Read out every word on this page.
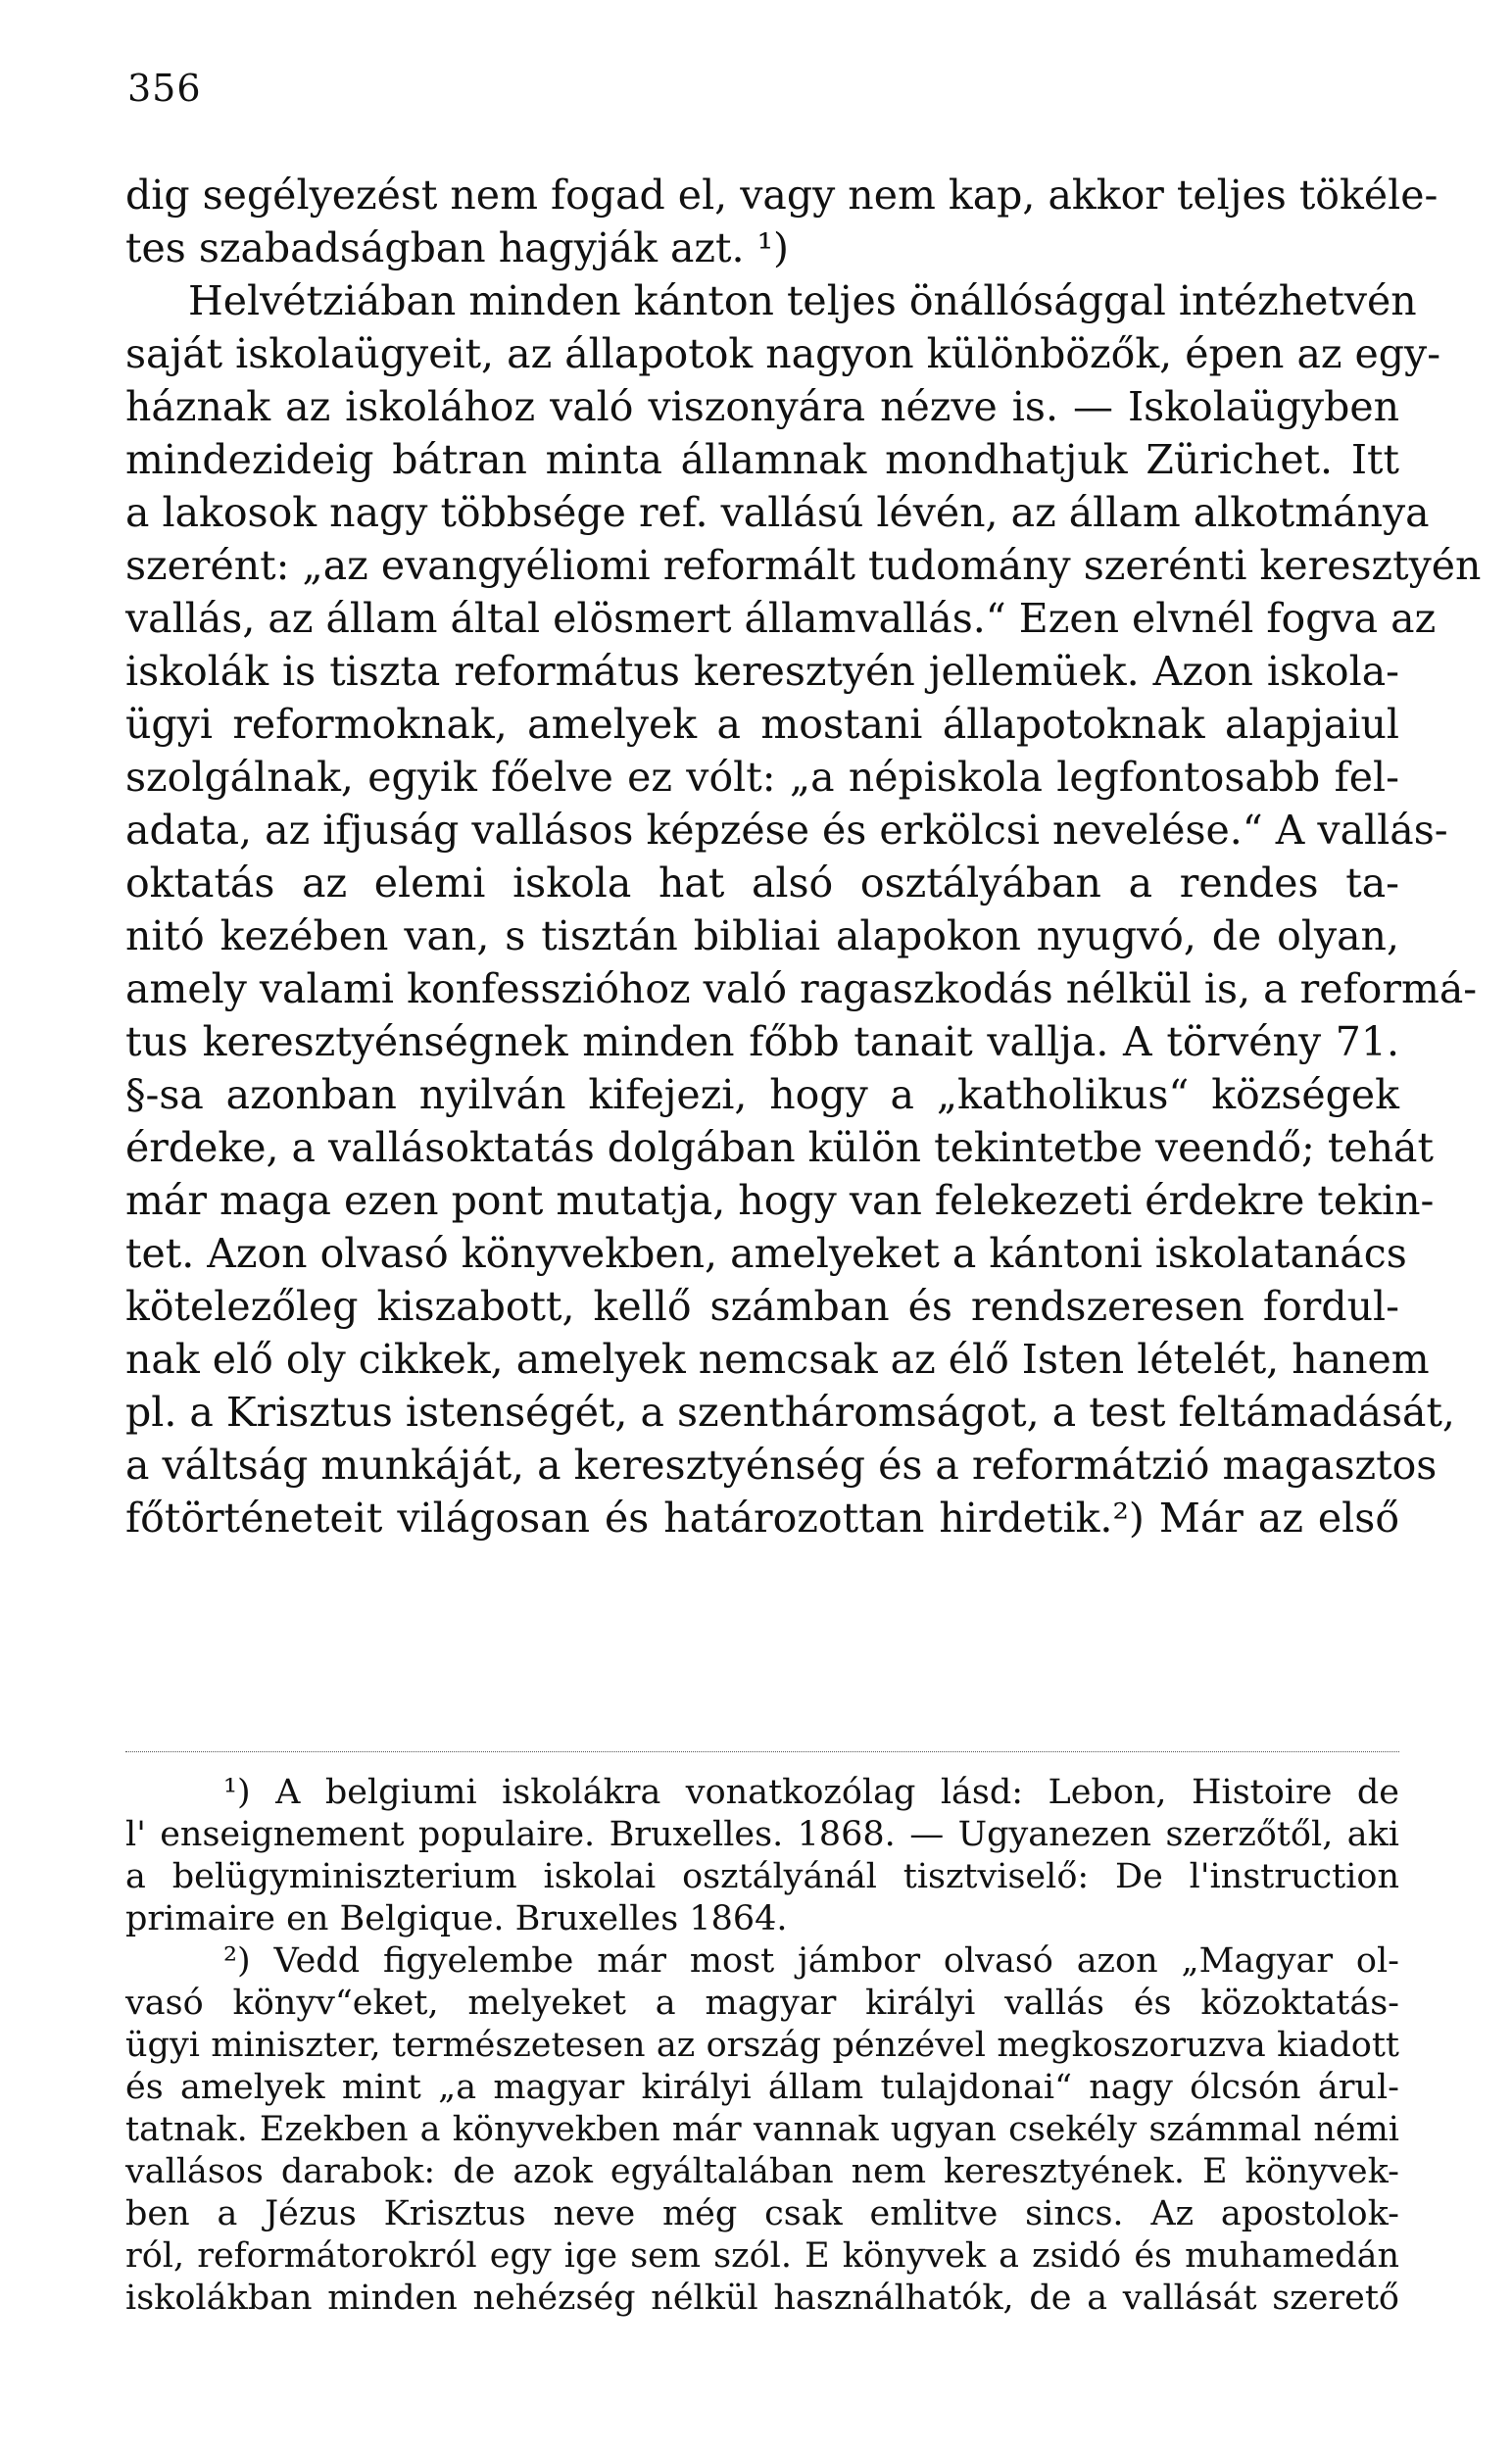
356
dig segélyezést nem fogad el, vagy nem kap, akkor teljes tökéle-
tes szabadságban hagyják azt. ¹)
Helvétziában minden kánton teljes önállósággal intézhetvén
saját iskolaügyeit, az állapotok nagyon különbözők, épen az egy-
háznak az iskolához való viszonyára nézve is. — Iskolaügyben
mindezideig bátran minta államnak mondhatjuk Zürichet. Itt
a lakosok nagy többsége ref. vallású lévén, az állam alkotmánya
szerént: „az evangyéliomi reformált tudomány szerénti keresztyén
vallás, az állam által elösmert államvallás.“ Ezen elvnél fogva az
iskolák is tiszta református keresztyén jellemüek. Azon iskola-
ügyi reformoknak, amelyek a mostani állapotoknak alapjaiul
szolgálnak, egyik főelve ez vólt: „a népiskola legfontosabb fel-
adata, az ifjuság vallásos képzése és erkölcsi nevelése.“ A vallás-
oktatás az elemi iskola hat alsó osztályában a rendes ta-
nitó kezében van, s tisztán bibliai alapokon nyugvó, de olyan,
amely valami konfesszióhoz való ragaszkodás nélkül is, a reformá-
tus keresztyénségnek minden főbb tanait vallja. A törvény 71.
§-sa azonban nyilván kifejezi, hogy a „katholikus“ községek
érdeke, a vallásoktatás dolgában külön tekintetbe veendő; tehát
már maga ezen pont mutatja, hogy van felekezeti érdekre tekin-
tet. Azon olvasó könyvekben, amelyeket a kántoni iskolatanács
kötelezőleg kiszabott, kellő számban és rendszeresen fordul-
nak elő oly cikkek, amelyek nemcsak az élő Isten lételét, hanem
pl. a Krisztus istenségét, a szentháromságot, a test feltámadását,
a váltság munkáját, a keresztyénség és a reformátzió magasztos
főtörténeteit világosan és határozottan hirdetik.²) Már az első
¹) A belgiumi iskolákra vonatkozólag lásd: Lebon, Histoire de
l' enseignement populaire. Bruxelles. 1868. — Ugyanezen szerzőtől, aki
a belügyminiszterium iskolai osztályánál tisztviselő: De l'instruction
primaire en Belgique. Bruxelles 1864.
²) Vedd figyelembe már most jámbor olvasó azon „Magyar ol-
vasó könyv“eket, melyeket a magyar királyi vallás és közoktatás-
ügyi miniszter, természetesen az ország pénzével megkoszoruzva kiadott
és amelyek mint „a magyar királyi állam tulajdonai“ nagy ólcsón árul-
tatnak. Ezekben a könyvekben már vannak ugyan csekély számmal némi
vallásos darabok: de azok egyáltalában nem keresztyének. E könyvek-
ben a Jézus Krisztus neve még csak emlitve sincs. Az apostolok-
ról, reformátorokról egy ige sem szól. E könyvek a zsidó és muhamedán
iskolákban minden nehézség nélkül használhatók, de a vallását szerető
